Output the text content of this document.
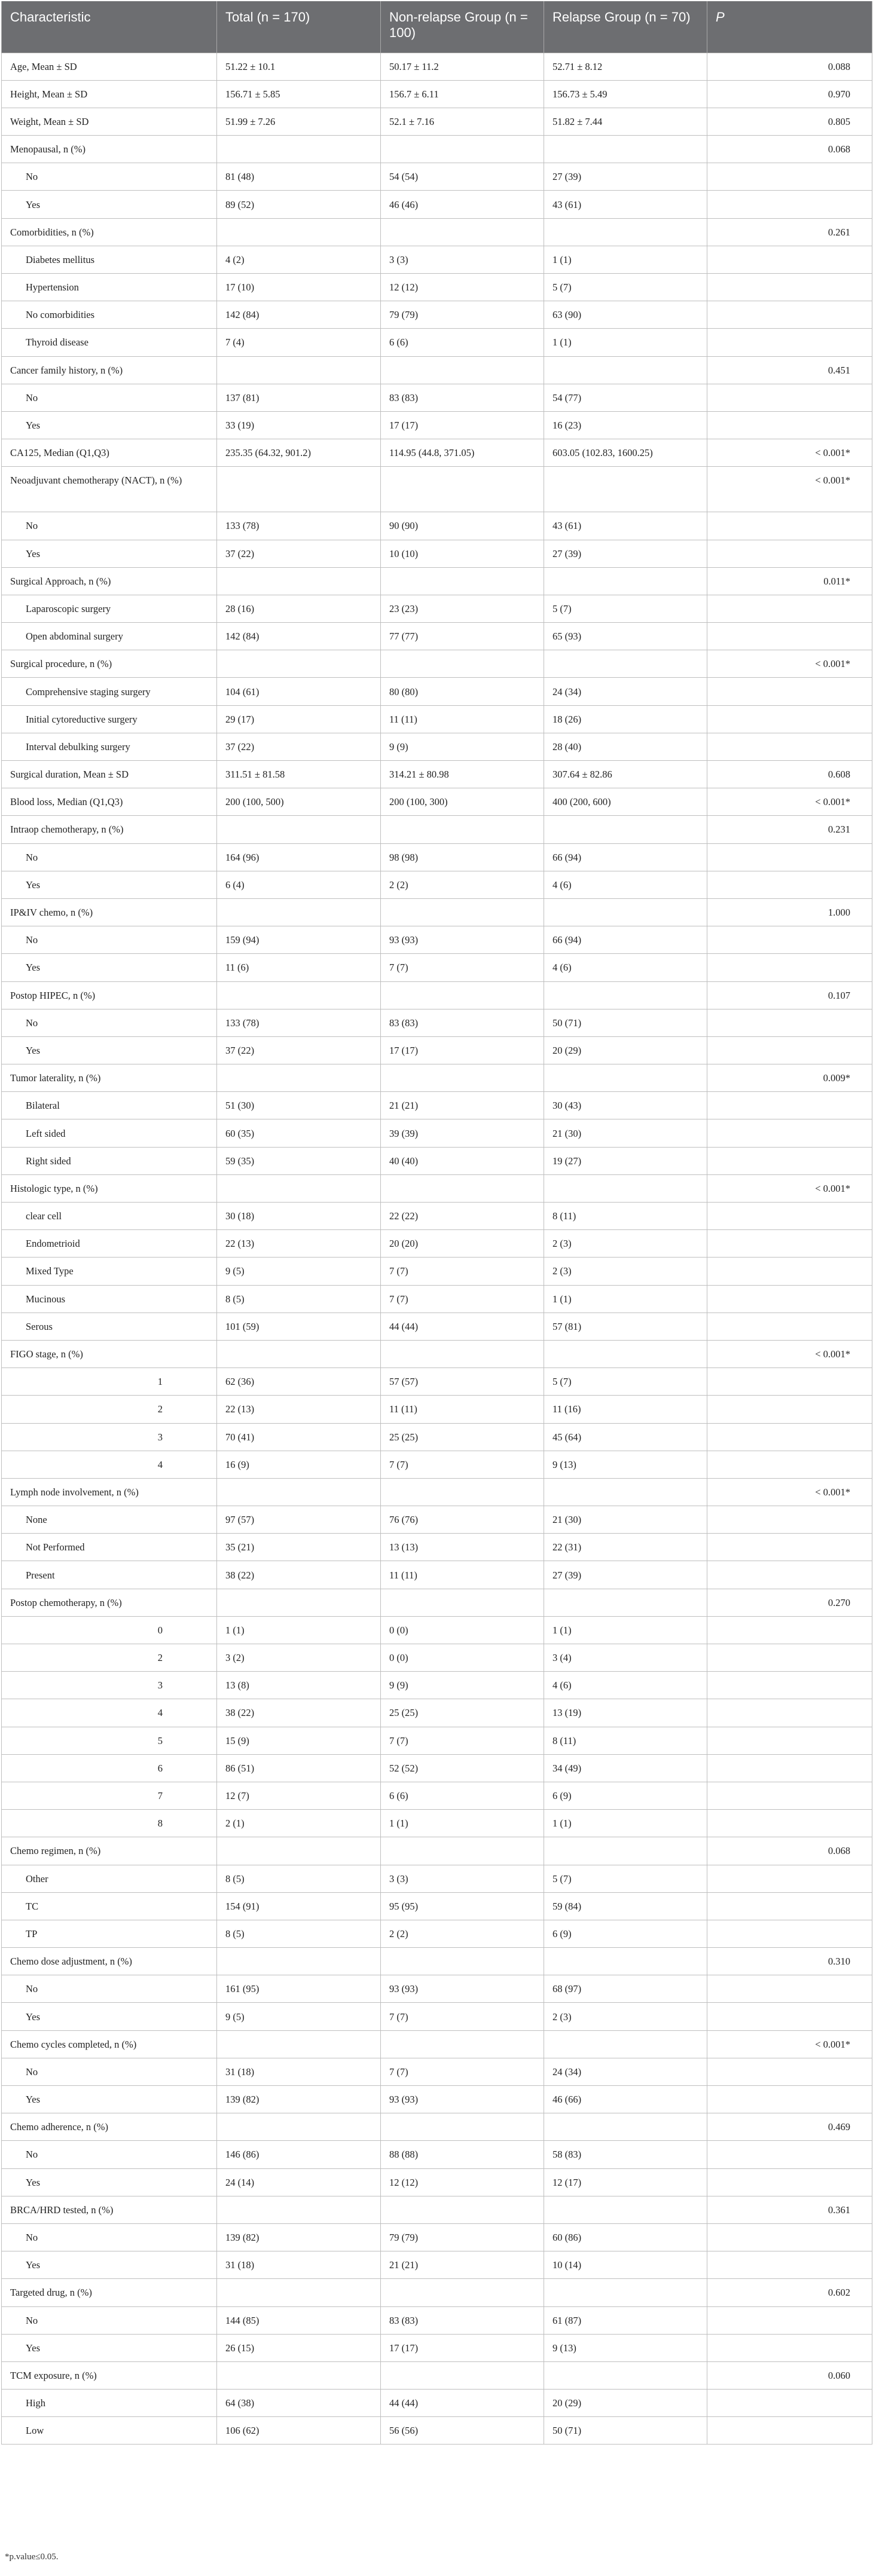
Characteristic	Total (n = 170)	Non-relapse Group (n = 100)	Relapse Group (n = 70)	P
Age, Mean ± SD	51.22 ± 10.1	50.17 ± 11.2	52.71 ± 8.12	0.088
Height, Mean ± SD	156.71 ± 5.85	156.7 ± 6.11	156.73 ± 5.49	0.970
Weight, Mean ± SD	51.99 ± 7.26	52.1 ± 7.16	51.82 ± 7.44	0.805
Menopausal, n (%)				0.068
No	81 (48)	54 (54)	27 (39)	
Yes	89 (52)	46 (46)	43 (61)	
Comorbidities, n (%)				0.261
Diabetes mellitus	4 (2)	3 (3)	1 (1)	
Hypertension	17 (10)	12 (12)	5 (7)	
No comorbidities	142 (84)	79 (79)	63 (90)	
Thyroid disease	7 (4)	6 (6)	1 (1)	
Cancer family history, n (%)				0.451
No	137 (81)	83 (83)	54 (77)	
Yes	33 (19)	17 (17)	16 (23)	
CA125, Median (Q1,Q3)	235.35 (64.32, 901.2)	114.95 (44.8, 371.05)	603.05 (102.83, 1600.25)	< 0.001*
Neoadjuvant chemotherapy (NACT), n (%)				< 0.001*
No	133 (78)	90 (90)	43 (61)	
Yes	37 (22)	10 (10)	27 (39)	
Surgical Approach, n (%)				0.011*
Laparoscopic surgery	28 (16)	23 (23)	5 (7)	
Open abdominal surgery	142 (84)	77 (77)	65 (93)	
Surgical procedure, n (%)				< 0.001*
Comprehensive staging surgery	104 (61)	80 (80)	24 (34)	
Initial cytoreductive surgery	29 (17)	11 (11)	18 (26)	
Interval debulking surgery	37 (22)	9 (9)	28 (40)	
Surgical duration, Mean ± SD	311.51 ± 81.58	314.21 ± 80.98	307.64 ± 82.86	0.608
Blood loss, Median (Q1,Q3)	200 (100, 500)	200 (100, 300)	400 (200, 600)	< 0.001*
Intraop chemotherapy, n (%)				0.231
No	164 (96)	98 (98)	66 (94)	
Yes	6 (4)	2 (2)	4 (6)	
IP&IV chemo, n (%)				1.000
No	159 (94)	93 (93)	66 (94)	
Yes	11 (6)	7 (7)	4 (6)	
Postop HIPEC, n (%)				0.107
No	133 (78)	83 (83)	50 (71)	
Yes	37 (22)	17 (17)	20 (29)	
Tumor laterality, n (%)				0.009*
Bilateral	51 (30)	21 (21)	30 (43)	
Left sided	60 (35)	39 (39)	21 (30)	
Right sided	59 (35)	40 (40)	19 (27)	
Histologic type, n (%)				< 0.001*
clear cell	30 (18)	22 (22)	8 (11)	
Endometrioid	22 (13)	20 (20)	2 (3)	
Mixed Type	9 (5)	7 (7)	2 (3)	
Mucinous	8 (5)	7 (7)	1 (1)	
Serous	101 (59)	44 (44)	57 (81)	
FIGO stage, n (%)				< 0.001*
1	62 (36)	57 (57)	5 (7)	
2	22 (13)	11 (11)	11 (16)	
3	70 (41)	25 (25)	45 (64)	
4	16 (9)	7 (7)	9 (13)	
Lymph node involvement, n (%)				< 0.001*
None	97 (57)	76 (76)	21 (30)	
Not Performed	35 (21)	13 (13)	22 (31)	
Present	38 (22)	11 (11)	27 (39)	
Postop chemotherapy, n (%)				0.270
0	1 (1)	0 (0)	1 (1)	
2	3 (2)	0 (0)	3 (4)	
3	13 (8)	9 (9)	4 (6)	
4	38 (22)	25 (25)	13 (19)	
5	15 (9)	7 (7)	8 (11)	
6	86 (51)	52 (52)	34 (49)	
7	12 (7)	6 (6)	6 (9)	
8	2 (1)	1 (1)	1 (1)	
Chemo regimen, n (%)				0.068
Other	8 (5)	3 (3)	5 (7)	
TC	154 (91)	95 (95)	59 (84)	
TP	8 (5)	2 (2)	6 (9)	
Chemo dose adjustment, n (%)				0.310
No	161 (95)	93 (93)	68 (97)	
Yes	9 (5)	7 (7)	2 (3)	
Chemo cycles completed, n (%)				< 0.001*
No	31 (18)	7 (7)	24 (34)	
Yes	139 (82)	93 (93)	46 (66)	
Chemo adherence, n (%)				0.469
No	146 (86)	88 (88)	58 (83)	
Yes	24 (14)	12 (12)	12 (17)	
BRCA/HRD tested, n (%)				0.361
No	139 (82)	79 (79)	60 (86)	
Yes	31 (18)	21 (21)	10 (14)	
Targeted drug, n (%)				0.602
No	144 (85)	83 (83)	61 (87)	
Yes	26 (15)	17 (17)	9 (13)	
TCM exposure, n (%)				0.060
High	64 (38)	44 (44)	20 (29)	
Low	106 (62)	56 (56)	50 (71)	
*p.value≤0.05.
